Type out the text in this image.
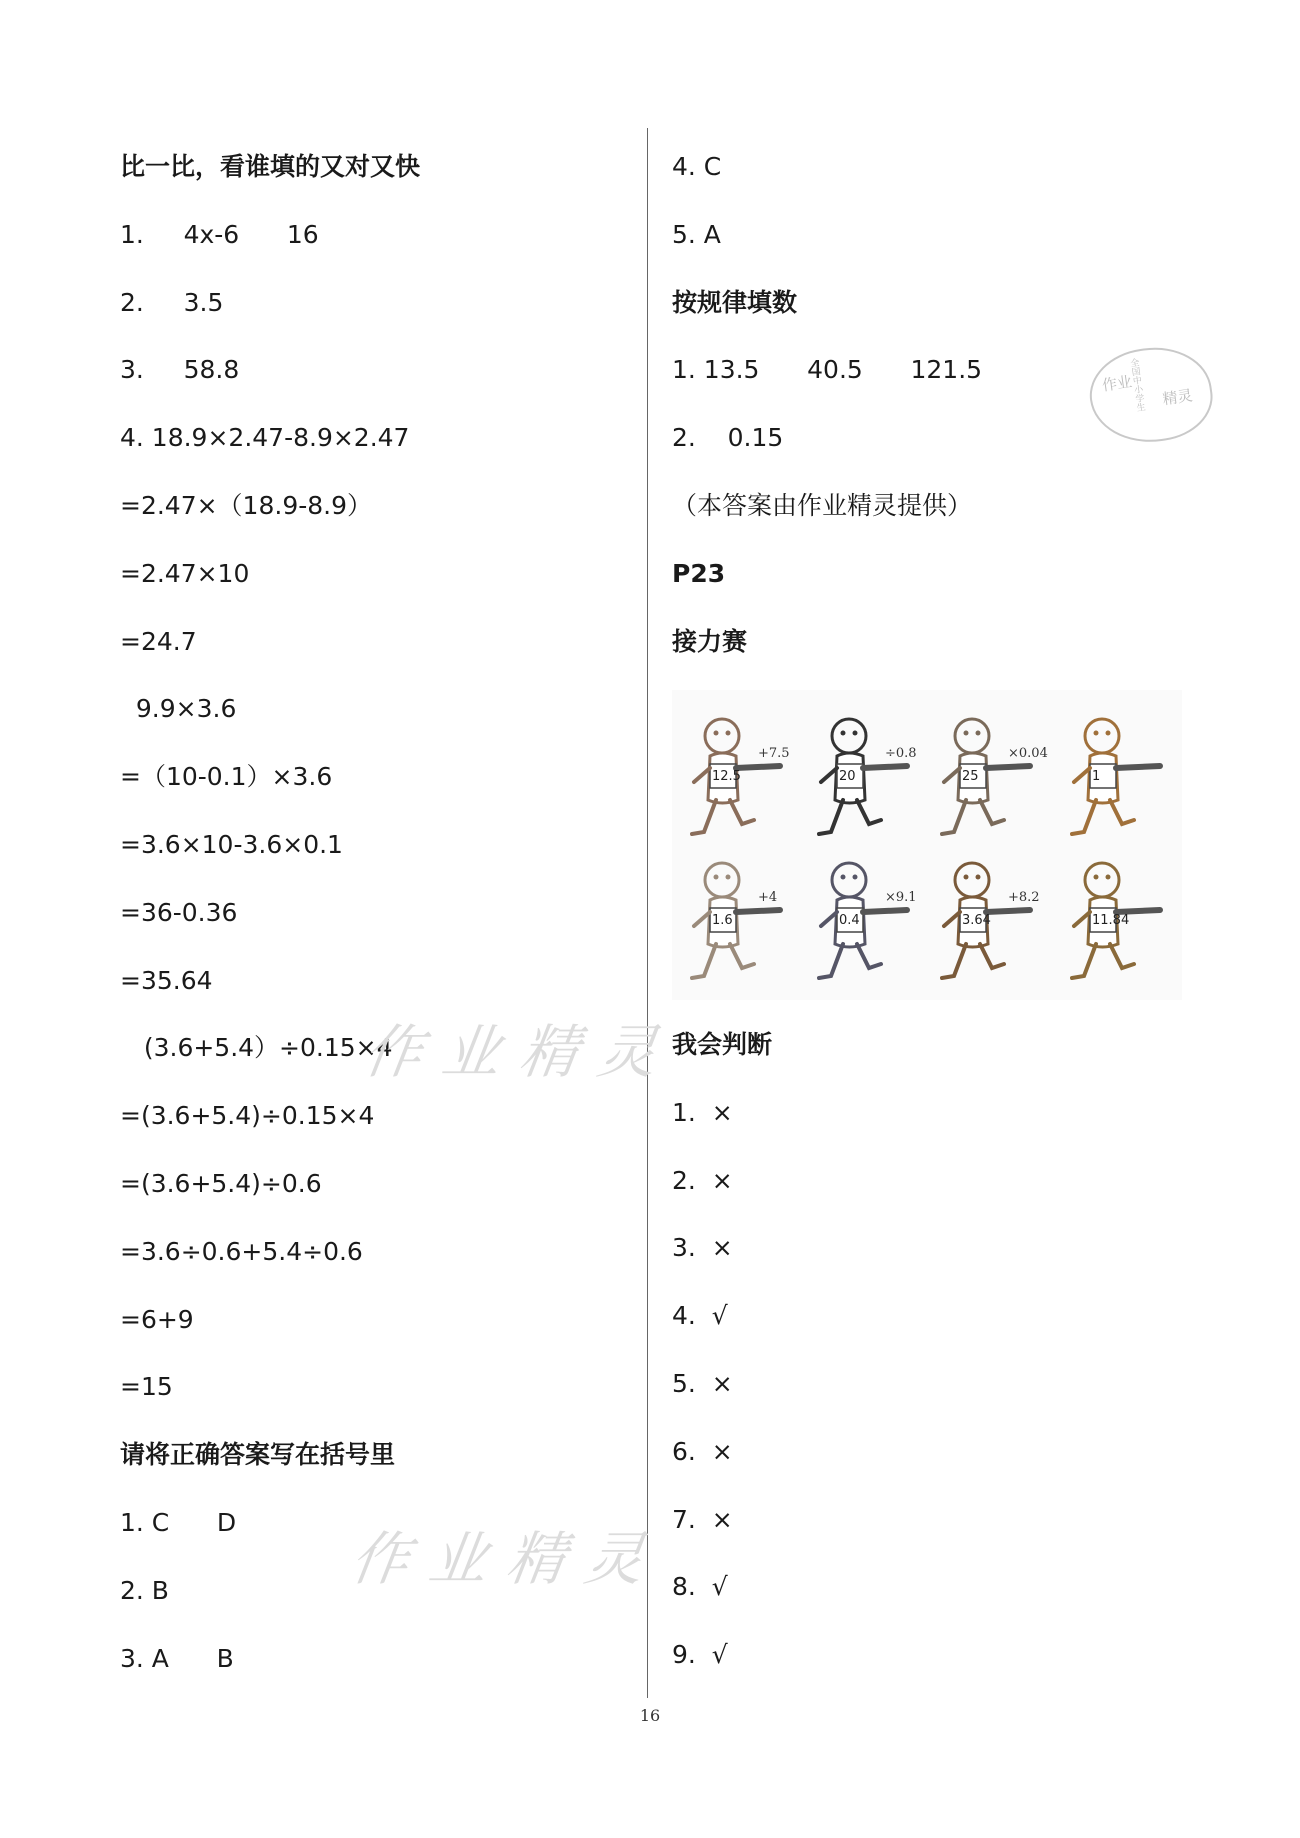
比一比，看谁填的又对又快
1.     4x-6      16
2.     3.5
3.     58.8
4. 18.9×2.47-8.9×2.47
=2.47×（18.9-8.9）
=2.47×10
=24.7
9.9×3.6
=（10-0.1）×3.6
=3.6×10-3.6×0.1
=36-0.36
=35.64
(3.6+5.4）÷0.15×4
=(3.6+5.4)÷0.15×4
=(3.6+5.4)÷0.6
=3.6÷0.6+5.4÷0.6
=6+9
=15
请将正确答案写在括号里
1. C      D
2. B
3. A      B
4. C
5. A
按规律填数
1. 13.5      40.5      121.5
2.    0.15
（本答案由作业精灵提供）
P23
接力赛
我会判断
1.  ×
2.  ×
3.  ×
4.  √
5.  ×
6.  ×
7.  ×
8.  √
9.  √
12.5
+7.5
20
÷0.8
25
×0.04
1
1.6
+4
0.4
×9.1
3.64
+8.2
11.84
作业精灵
作业精灵
作业
全国中小学生 精灵
16
